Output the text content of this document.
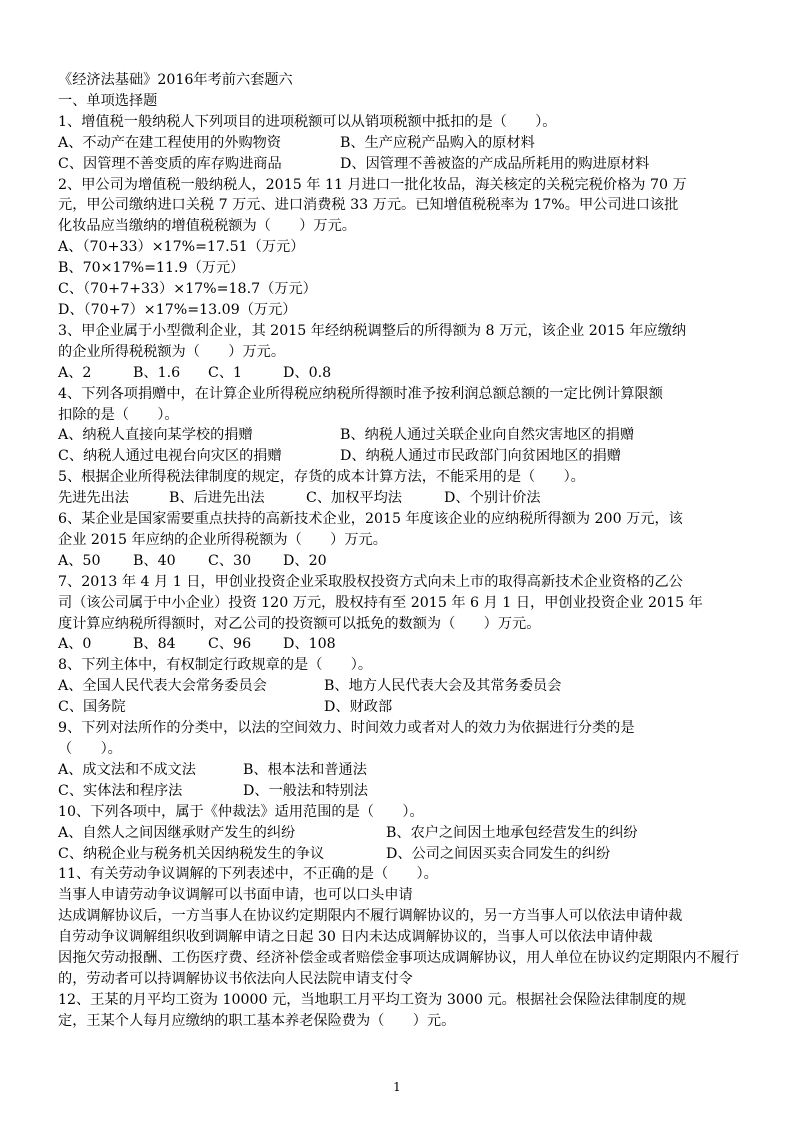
《经济法基础》2016年考前六套题六
一、单项选择题
1、增值税一般纳税人下列项目的进项税额可以从销项税额中抵扣的是（　　）。
A、不动产在建工程使用的外购物资	B、生产应税产品购入的原材料
C、因管理不善变质的库存购进商品	D、因管理不善被盗的产成品所耗用的购进原材料
2、甲公司为增值税一般纳税人，2015 年 11 月进口一批化妆品，海关核定的关税完税价格为 70 万
元，甲公司缴纳进口关税 7 万元、进口消费税 33 万元。已知增值税税率为 17%。甲公司进口该批
化妆品应当缴纳的增值税税额为（　　）万元。
A、（70+33）×17%=17.51（万元）
B、70×17%=11.9（万元）
C、（70+7+33）×17%=18.7（万元）
D、（70+7）×17%=13.09（万元）
3、甲企业属于小型微利企业，其 2015 年经纳税调整后的所得额为 8 万元，该企业 2015 年应缴纳
的企业所得税税额为（　　）万元。
A、2	B、1.6 C、1	D、0.8
4、下列各项捐赠中，在计算企业所得税应纳税所得额时准予按利润总额总额的一定比例计算限额
扣除的是（　　）。
A、纳税人直接向某学校的捐赠	B、纳税人通过关联企业向自然灾害地区的捐赠
C、纳税人通过电视台向灾区的捐赠	D、纳税人通过市民政部门向贫困地区的捐赠
5、根据企业所得税法律制度的规定，存货的成本计算方法，不能采用的是（　　）。
先进先出法	B、后进先出法	C、加权平均法	D、个别计价法
6、某企业是国家需要重点扶持的高新技术企业，2015 年度该企业的应纳税所得额为 200 万元，该
企业 2015 年应纳的企业所得税额为（　　）万元。
A、50 B、40 C、30 D、20
7、2013 年 4 月 1 日，甲创业投资企业采取股权投资方式向未上市的取得高新技术企业资格的乙公
司（该公司属于中小企业）投资 120 万元，股权持有至 2015 年 6 月 1 日，甲创业投资企业 2015 年
度计算应纳税所得额时，对乙公司的投资额可以抵免的数额为（　　）万元。
A、0	B、84 C、96 D、108
8、下列主体中，有权制定行政规章的是（　　）。
A、全国人民代表大会常务委员会	B、地方人民代表大会及其常务委员会
C、国务院	D、财政部
9、下列对法所作的分类中，以法的空间效力、时间效力或者对人的效力为依据进行分类的是
（　　）。
A、成文法和不成文法	B、根本法和普通法
C、实体法和程序法	D、一般法和特别法
10、下列各项中，属于《仲裁法》适用范围的是（　　）。
A、自然人之间因继承财产发生的纠纷	B、农户之间因土地承包经营发生的纠纷
C、纳税企业与税务机关因纳税发生的争议	D、公司之间因买卖合同发生的纠纷
11、有关劳动争议调解的下列表述中，不正确的是（　　）。
当事人申请劳动争议调解可以书面申请，也可以口头申请
达成调解协议后，一方当事人在协议约定期限内不履行调解协议的，另一方当事人可以依法申请仲裁
自劳动争议调解组织收到调解申请之日起 30 日内未达成调解协议的，当事人可以依法申请仲裁
因拖欠劳动报酬、工伤医疗费、经济补偿金或者赔偿金事项达成调解协议，用人单位在协议约定期限内不履行的，劳动者可以持调解协议书依法向人民法院申请支付令
12、王某的月平均工资为 10000 元，当地职工月平均工资为 3000 元。根据社会保险法律制度的规
定，王某个人每月应缴纳的职工基本养老保险费为（　　）元。
1
